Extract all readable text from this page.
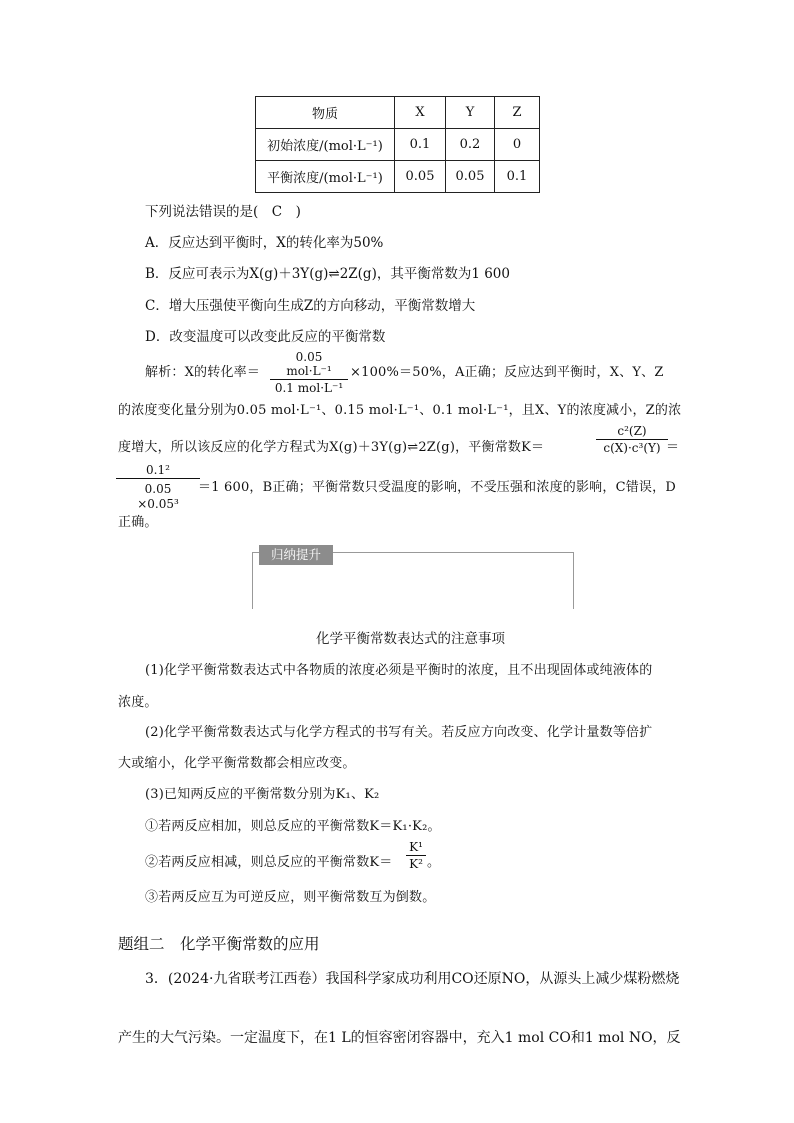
物质	X	Y	Z
初始浓度/(mol·L⁻¹)	0.1	0.2	0
平衡浓度/(mol·L⁻¹)	0.05	0.05	0.1
下列说法错误的是(　C　)
A．反应达到平衡时，X的转化率为50%
B．反应可表示为X(g)＋3Y(g)⇌2Z(g)，其平衡常数为1 600
C．增大压强使平衡向生成Z的方向移动，平衡常数增大
D．改变温度可以改变此反应的平衡常数
解析：X的转化率＝
0.05 mol·L⁻¹
0.1 mol·L⁻¹
×100%＝50%，A正确；反应达到平衡时，X、Y、Z
的浓度变化量分别为0.05 mol·L⁻¹、0.15 mol·L⁻¹、0.1 mol·L⁻¹，且X、Y的浓度减小，Z的浓
度增大，所以该反应的化学方程式为X(g)＋3Y(g)⇌2Z(g)，平衡常数K＝
c²(Z)
c(X)·c³(Y) ＝
0.1²
0.05　×0.05³
＝1 600，B正确；平衡常数只受温度的影响，不受压强和浓度的影响，C错误，D
正确。
归纳提升
化学平衡常数表达式的注意事项
(1)化学平衡常数表达式中各物质的浓度必须是平衡时的浓度，且不出现固体或纯液体的
浓度。
(2)化学平衡常数表达式与化学方程式的书写有关。若反应方向改变、化学计量数等倍扩
大或缩小，化学平衡常数都会相应改变。
(3)已知两反应的平衡常数分别为K₁、K₂
①若两反应相加，则总反应的平衡常数K＝K₁·K₂。
②若两反应相减，则总反应的平衡常数K＝
K¹
K² 。
③若两反应互为可逆反应，则平衡常数互为倒数。
题组二　化学平衡常数的应用
3．(2024·九省联考江西卷）我国科学家成功利用CO还原NO，从源头上减少煤粉燃烧
产生的大气污染。一定温度下，在1 L的恒容密闭容器中，充入1 mol CO和1 mol NO，反
